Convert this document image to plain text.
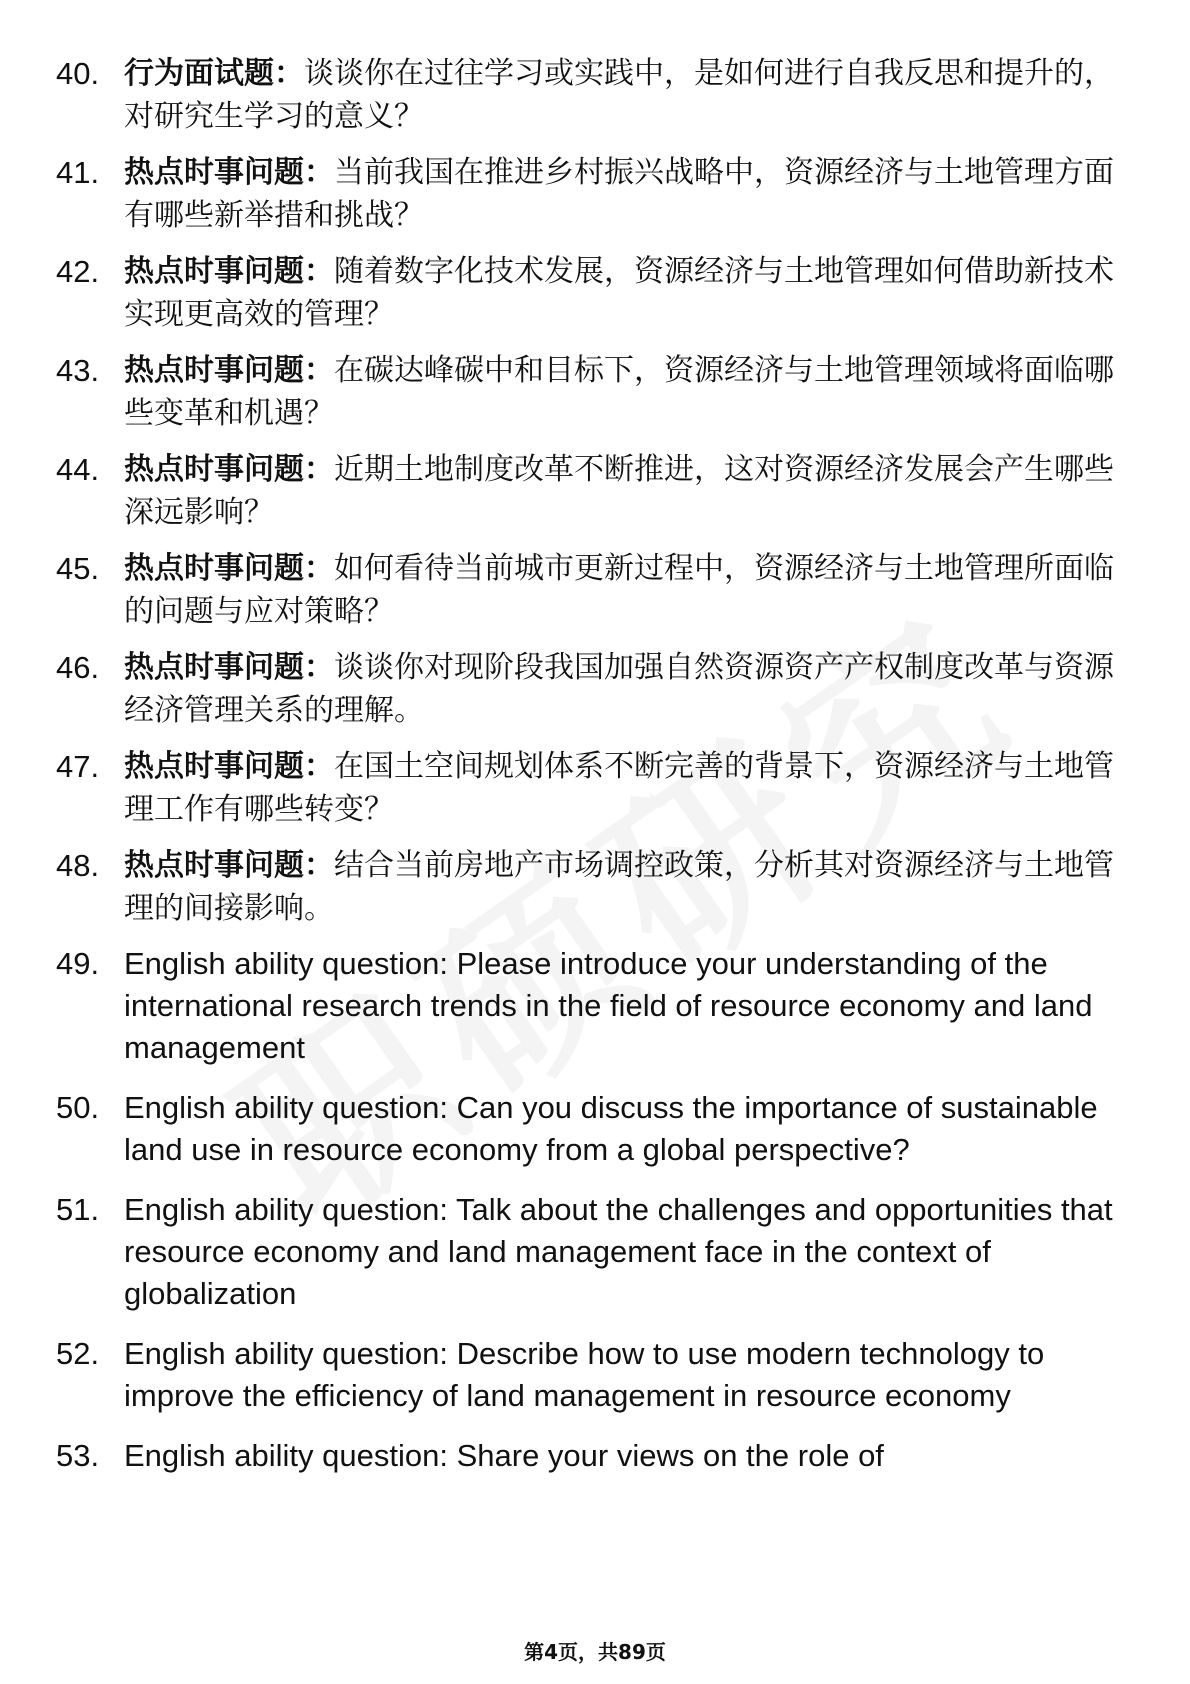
40. 行为面试题：谈谈你在过往学习或实践中，是如何进行自我反思和提升的，对研究生学习的意义？
41. 热点时事问题：当前我国在推进乡村振兴战略中，资源经济与土地管理方面有哪些新举措和挑战？
42. 热点时事问题：随着数字化技术发展，资源经济与土地管理如何借助新技术实现更高效的管理？
43. 热点时事问题：在碳达峰碳中和目标下，资源经济与土地管理领域将面临哪些变革和机遇？
44. 热点时事问题：近期土地制度改革不断推进，这对资源经济发展会产生哪些深远影响？
45. 热点时事问题：如何看待当前城市更新过程中，资源经济与土地管理所面临的问题与应对策略？
46. 热点时事问题：谈谈你对现阶段我国加强自然资源资产产权制度改革与资源经济管理关系的理解。
47. 热点时事问题：在国土空间规划体系不断完善的背景下，资源经济与土地管理工作有哪些转变？
48. 热点时事问题：结合当前房地产市场调控政策，分析其对资源经济与土地管理的间接影响。
49. English ability question: Please introduce your understanding of the international research trends in the field of resource economy and land management
50. English ability question: Can you discuss the importance of sustainable land use in resource economy from a global perspective?
51. English ability question: Talk about the challenges and opportunities that resource economy and land management face in the context of globalization
52. English ability question: Describe how to use modern technology to improve the efficiency of land management in resource economy
53. English ability question: Share your views on the role of
第4页，共89页
